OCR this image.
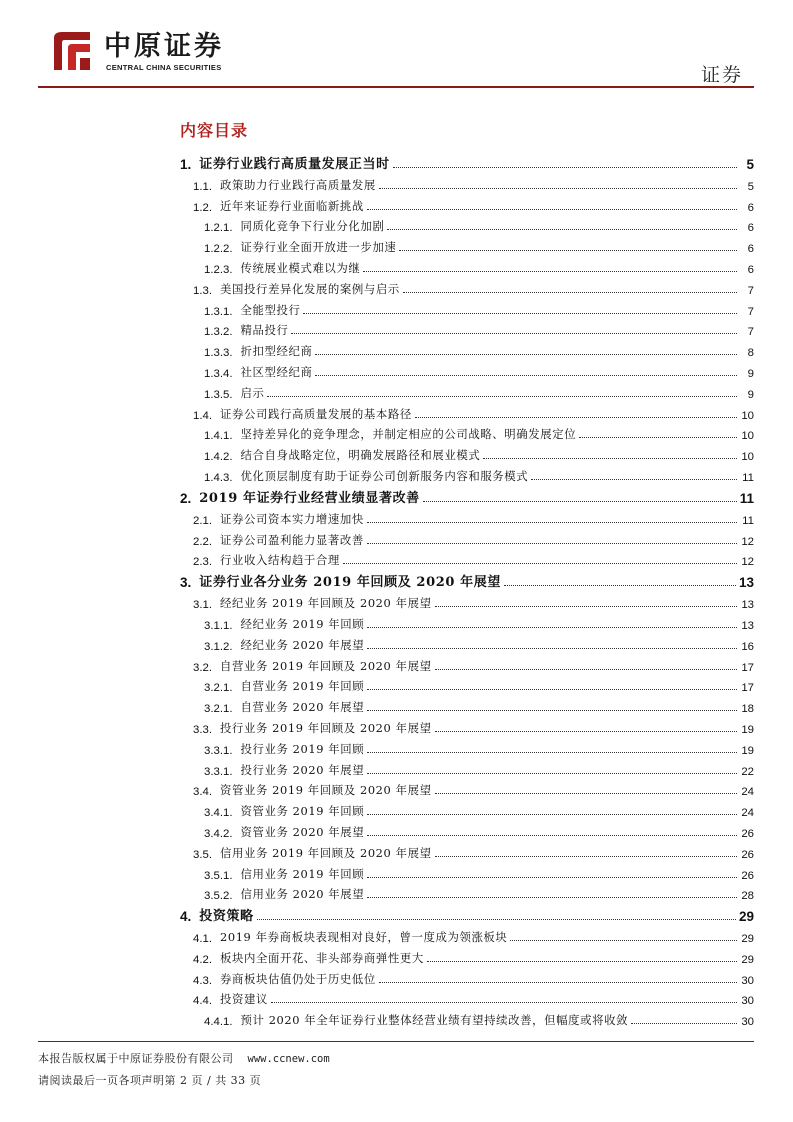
中原证券
CENTRAL CHINA SECURITIES	证券
内容目录
1. 证券行业践行高质量发展正当时	5
1.1. 政策助力行业践行高质量发展	5
1.2. 近年来证券行业面临新挑战	6
1.2.1. 同质化竞争下行业分化加剧	6
1.2.2. 证券行业全面开放进一步加速	6
1.2.3. 传统展业模式难以为继	6
1.3. 美国投行差异化发展的案例与启示	7
1.3.1. 全能型投行	7
1.3.2. 精品投行	7
1.3.3. 折扣型经纪商	8
1.3.4. 社区型经纪商	9
1.3.5. 启示	9
1.4. 证券公司践行高质量发展的基本路径	10
1.4.1. 坚持差异化的竞争理念，并制定相应的公司战略、明确发展定位	10
1.4.2. 结合自身战略定位，明确发展路径和展业模式	10
1.4.3. 优化顶层制度有助于证券公司创新服务内容和服务模式	11
2. 2019 年证券行业经营业绩显著改善	11
2.1. 证券公司资本实力增速加快	11
2.2. 证券公司盈利能力显著改善	12
2.3. 行业收入结构趋于合理	12
3. 证券行业各分业务 2019 年回顾及 2020 年展望	13
3.1. 经纪业务 2019 年回顾及 2020 年展望	13
3.1.1. 经纪业务 2019 年回顾	13
3.1.2. 经纪业务 2020 年展望	16
3.2. 自营业务 2019 年回顾及 2020 年展望	17
3.2.1. 自营业务 2019 年回顾	17
3.2.1. 自营业务 2020 年展望	18
3.3. 投行业务 2019 年回顾及 2020 年展望	19
3.3.1. 投行业务 2019 年回顾	19
3.3.1. 投行业务 2020 年展望	22
3.4. 资管业务 2019 年回顾及 2020 年展望	24
3.4.1. 资管业务 2019 年回顾	24
3.4.2. 资管业务 2020 年展望	26
3.5. 信用业务 2019 年回顾及 2020 年展望	26
3.5.1. 信用业务 2019 年回顾	26
3.5.2. 信用业务 2020 年展望	28
4. 投资策略	29
4.1. 2019 年券商板块表现相对良好，曾一度成为领涨板块	29
4.2. 板块内全面开花、非头部券商弹性更大	29
4.3. 券商板块估值仍处于历史低位	30
4.4. 投资建议	30
4.4.1. 预计 2020 年全年证券行业整体经营业绩有望持续改善，但幅度或将收敛	30
本报告版权属于中原证券股份有限公司 www.ccnew.com
请阅读最后一页各项声明第 2 页 / 共 33 页
